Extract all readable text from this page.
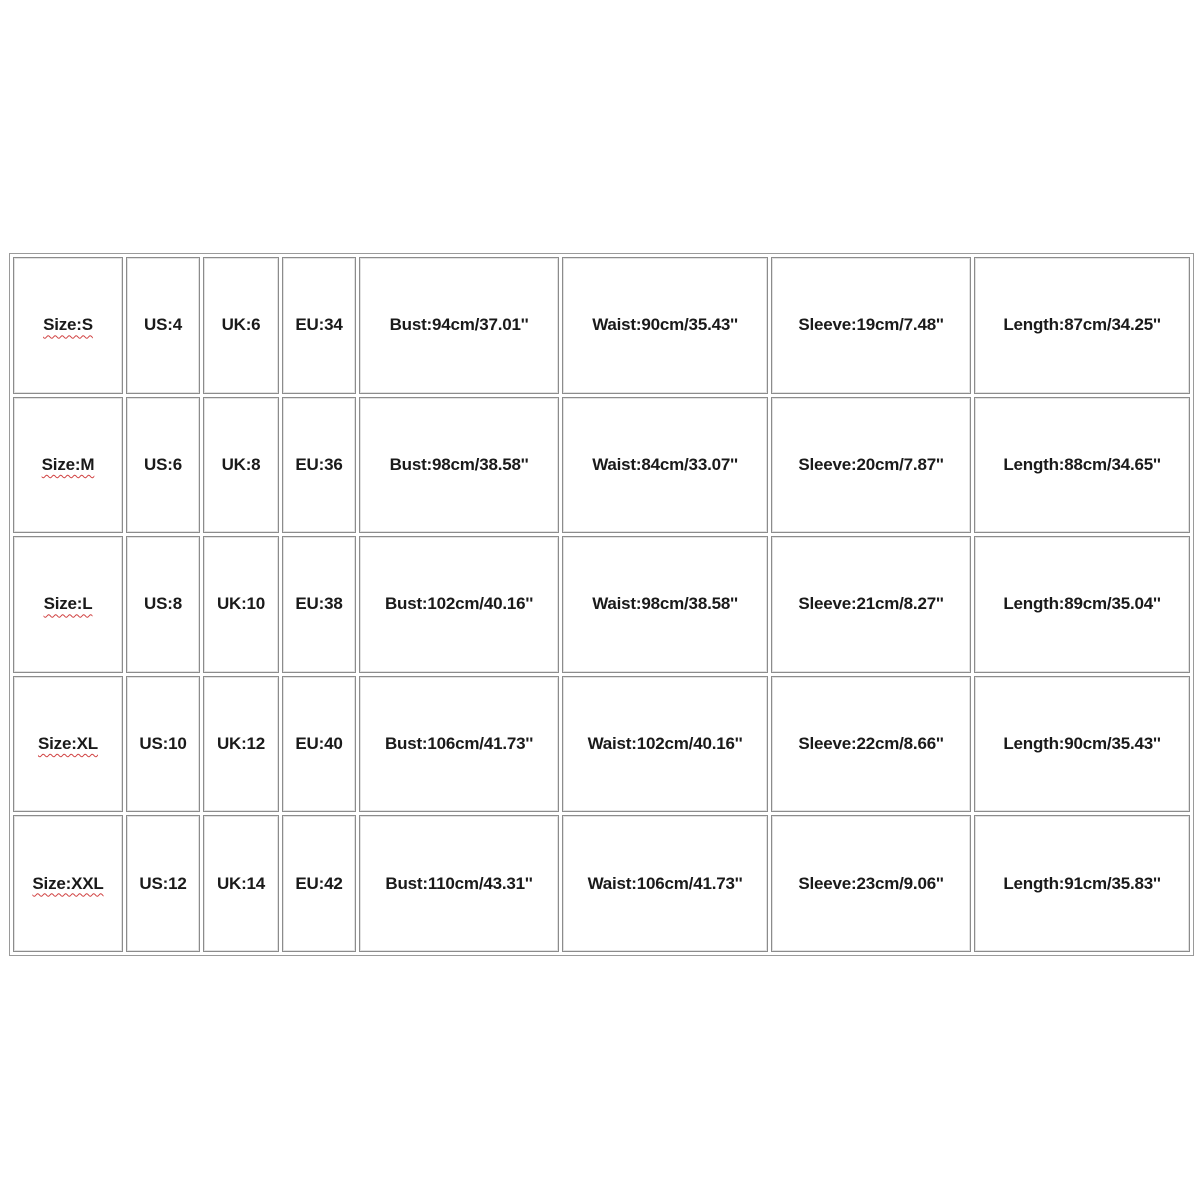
Size:S	US:4	UK:6	EU:34	Bust:94cm/37.01''	Waist:90cm/35.43''	Sleeve:19cm/7.48''	Length:87cm/34.25''
Size:M	US:6	UK:8	EU:36	Bust:98cm/38.58''	Waist:84cm/33.07''	Sleeve:20cm/7.87''	Length:88cm/34.65''
Size:L	US:8	UK:10	EU:38	Bust:102cm/40.16''	Waist:98cm/38.58''	Sleeve:21cm/8.27''	Length:89cm/35.04''
Size:XL	US:10	UK:12	EU:40	Bust:106cm/41.73''	Waist:102cm/40.16''	Sleeve:22cm/8.66''	Length:90cm/35.43''
Size:XXL	US:12	UK:14	EU:42	Bust:110cm/43.31''	Waist:106cm/41.73''	Sleeve:23cm/9.06''	Length:91cm/35.83''
